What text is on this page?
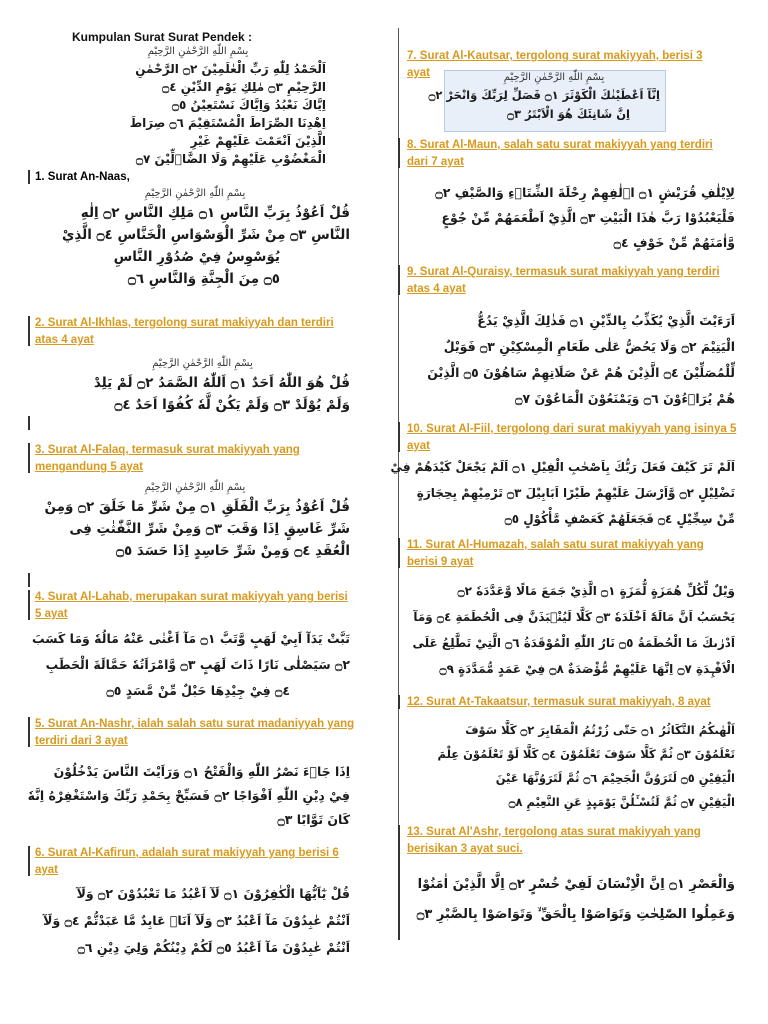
Kumpulan Surat Surat Pendek :
بِسْمِ اللّٰهِ الرَّحْمٰنِ الرَّحِيْمِ
اَلْحَمْدُ لِلّٰهِ رَبِّ الْعٰلَمِيْنَ ۝٢ الرَّحْمٰنِ
الرَّحِيْمِ ۝٣ مٰلِكِ يَوْمِ الدِّيْنِ ۝٤
اِيَّاكَ نَعْبُدُ وَاِيَّاكَ نَسْتَعِيْنُ ۝٥
اِهْدِنَا الصِّرَاطَ الْمُسْتَقِيْمَ ۝٦ صِرَاطَ
الَّذِيْنَ اَنْعَمْتَ عَلَيْهِمْ غَيْرِ
الْمَغْضُوْبِ عَلَيْهِمْ وَلَا الضَّاۤلِّيْنَ ۝٧
1. Surat An-Naas,
بِسْمِ اللّٰهِ الرَّحْمٰنِ الرَّحِيْمِ
قُلْ اَعُوْذُ بِرَبِّ النَّاسِ ۝١ مَلِكِ النَّاسِ ۝٢ اِلٰهِ
النَّاسِ ۝٣ مِنْ شَرِّ الْوَسْوَاسِ الْخَنَّاسِ ۝٤ الَّذِيْ
يُوَسْوِسُ فِيْ صُدُوْرِ النَّاسِ
۝٥ مِنَ الْجِنَّةِ وَالنَّاسِ ۝٦
2. Surat Al-Ikhlas, tergolong surat makiyyah dan terdiri atas 4 ayat
بِسْمِ اللّٰهِ الرَّحْمٰنِ الرَّحِيْمِ
قُلْ هُوَ اللّٰهُ اَحَدٌ ۝١ اَللّٰهُ الصَّمَدُ ۝٢ لَمْ يَلِدْ
وَلَمْ يُوْلَدْ ۝٣ وَلَمْ يَكُنْ لَّهٗ كُفُوًا اَحَدٌ ۝٤
3. Surat Al-Falaq, termasuk surat makiyyah yang mengandung 5 ayat
بِسْمِ اللّٰهِ الرَّحْمٰنِ الرَّحِيْمِ
قُلْ اَعُوْذُ بِرَبِّ الْفَلَقِ ۝١ مِنْ شَرِّ مَا خَلَقَ ۝٢ وَمِنْ
شَرِّ غَاسِقٍ اِذَا وَقَبَ ۝٣ وَمِنْ شَرِّ النَّفّٰثٰتِ فِى
الْعُقَدِ ۝٤ وَمِنْ شَرِّ حَاسِدٍ اِذَا حَسَدَ ۝٥
4. Surat Al-Lahab, merupakan surat makiyyah yang berisi 5 ayat
تَبَّتْ يَدَآ اَبِيْ لَهَبٍ وَّتَبَّ ۝١ مَآ اَغْنٰى عَنْهُ مَالُهٗ وَمَا كَسَبَ
۝٢ سَيَصْلٰى نَارًا ذَاتَ لَهَبٍ ۝٣ وَّامْرَاَتُهٗ حَمَّالَةَ الْحَطَبِ
۝٤ فِيْ جِيْدِهَا حَبْلٌ مِّنْ مَّسَدٍ ۝٥
5. Surat An-Nashr, ialah salah satu surat madaniyyah yang terdiri dari 3 ayat
اِذَا جَاۤءَ نَصْرُ اللّٰهِ وَالْفَتْحُ ۝١ وَرَاَيْتَ النَّاسَ يَدْخُلُوْنَ
فِيْ دِيْنِ اللّٰهِ اَفْوَاجًا ۝٢ فَسَبِّحْ بِحَمْدِ رَبِّكَ وَاسْتَغْفِرْهُ اِنَّهٗ
كَانَ تَوَّابًا ۝٣
6. Surat Al-Kafirun, adalah surat makiyyah yang berisi 6 ayat
قُلْ يٰٓاَيُّهَا الْكٰفِرُوْنَ ۝١ لَآ اَعْبُدُ مَا تَعْبُدُوْنَ ۝٢ وَلَآ
اَنْتُمْ عٰبِدُوْنَ مَآ اَعْبُدُ ۝٣ وَلَآ اَنَا۠ عَابِدٌ مَّا عَبَدْتُّمْ ۝٤ وَلَآ
اَنْتُمْ عٰبِدُوْنَ مَآ اَعْبُدُ ۝٥ لَكُمْ دِيْنُكُمْ وَلِيَ دِيْنِ ۝٦
7. Surat Al-Kautsar, tergolong surat makiyyah, berisi 3 ayat	بِسْمِ اللّٰهِ الرَّحْمٰنِ الرَّحِيْمِ
اِنَّآ اَعْطَيْنٰكَ الْكَوْثَرَ ۝١ فَصَلِّ لِرَبِّكَ وَانْحَرْ ۝٢
اِنَّ شَانِئَكَ هُوَ الْاَبْتَرُ ۝٣
8. Surat Al-Maun, salah satu surat makiyyah yang terdiri dari 7 ayat
لِاِيْلٰفِ قُرَيْشٍ ۝١ اٖلٰفِهِمْ رِحْلَةَ الشِّتَاۤءِ وَالصَّيْفِ ۝٢
فَلْيَعْبُدُوْا رَبَّ هٰذَا الْبَيْتِ ۝٣ الَّذِيْٓ اَطْعَمَهُمْ مِّنْ جُوْعٍ
وَّاٰمَنَهُمْ مِّنْ خَوْفٍ ۝٤
9. Surat Al-Quraisy, termasuk surat makiyyah yang terdiri atas 4 ayat
اَرَءَيْتَ الَّذِيْ يُكَذِّبُ بِالدِّيْنِ ۝١ فَذٰلِكَ الَّذِيْ يَدُعُّ
الْيَتِيْمَ ۝٢ وَلَا يَحُضُّ عَلٰى طَعَامِ الْمِسْكِيْنِ ۝٣ فَوَيْلٌ
لِّلْمُصَلِّيْنَ ۝٤ الَّذِيْنَ هُمْ عَنْ صَلَاتِهِمْ سَاهُوْنَ ۝٥ الَّذِيْنَ
هُمْ يُرَاۤءُوْنَ ۝٦ وَيَمْنَعُوْنَ الْمَاعُوْنَ ۝٧
10. Surat Al-Fiil, tergolong dari surat makiyyah yang isinya 5 ayat
اَلَمْ تَرَ كَيْفَ فَعَلَ رَبُّكَ بِاَصْحٰبِ الْفِيْلِ ۝١ اَلَمْ يَجْعَلْ كَيْدَهُمْ فِيْ
تَضْلِيْلٍ ۝٢ وَّاَرْسَلَ عَلَيْهِمْ طَيْرًا اَبَابِيْلَ ۝٣ تَرْمِيْهِمْ بِحِجَارَةٍ
مِّنْ سِجِّيْلٍ ۝٤ فَجَعَلَهُمْ كَعَصْفٍ مَّأْكُوْلٍ ۝٥
11. Surat Al-Humazah, salah satu surat makiyyah yang berisi 9 ayat
وَيْلٌ لِّكُلِّ هُمَزَةٍ لُّمَزَةٍ ۝١ الَّذِيْ جَمَعَ مَالًا وَّعَدَّدَهٗ ۝٢
يَحْسَبُ اَنَّ مَالَهٗٓ اَخْلَدَهٗ ۝٣ كَلَّا لَيُنْۢبَذَنَّ فِى الْحُطَمَةِ ۝٤ وَمَآ
اَدْرٰىكَ مَا الْحُطَمَةُ ۝٥ نَارُ اللّٰهِ الْمُوْقَدَةُ ۝٦ الَّتِيْ تَطَّلِعُ عَلَى
الْاَفْـِٕدَةِ ۝٧ اِنَّهَا عَلَيْهِمْ مُّؤْصَدَةٌ ۝٨ فِيْ عَمَدٍ مُّمَدَّدَةٍ ۝٩
12. Surat At-Takaatsur, termasuk surat makiyyah, 8 ayat
اَلْهٰىكُمُ التَّكَاثُرُ ۝١ حَتّٰى زُرْتُمُ الْمَقَابِرَ ۝٢ كَلَّا سَوْفَ
تَعْلَمُوْنَ ۝٣ ثُمَّ كَلَّا سَوْفَ تَعْلَمُوْنَ ۝٤ كَلَّا لَوْ تَعْلَمُوْنَ عِلْمَ
الْيَقِيْنِ ۝٥ لَتَرَوُنَّ الْجَحِيْمَ ۝٦ ثُمَّ لَتَرَوُنَّهَا عَيْنَ
الْيَقِيْنِ ۝٧ ثُمَّ لَتُسْـَٔلُنَّ يَوْمَىِٕذٍ عَنِ النَّعِيْمِ ۝٨
13. Surat Al'Ashr, tergolong atas surat makiyyah yang berisikan 3 ayat suci.
وَالْعَصْرِ ۝١ اِنَّ الْاِنْسَانَ لَفِيْ خُسْرٍ ۝٢ اِلَّا الَّذِيْنَ اٰمَنُوْا
وَعَمِلُوا الصّٰلِحٰتِ وَتَوَاصَوْا بِالْحَقِّ ۙ وَتَوَاصَوْا بِالصَّبْرِ ۝٣
